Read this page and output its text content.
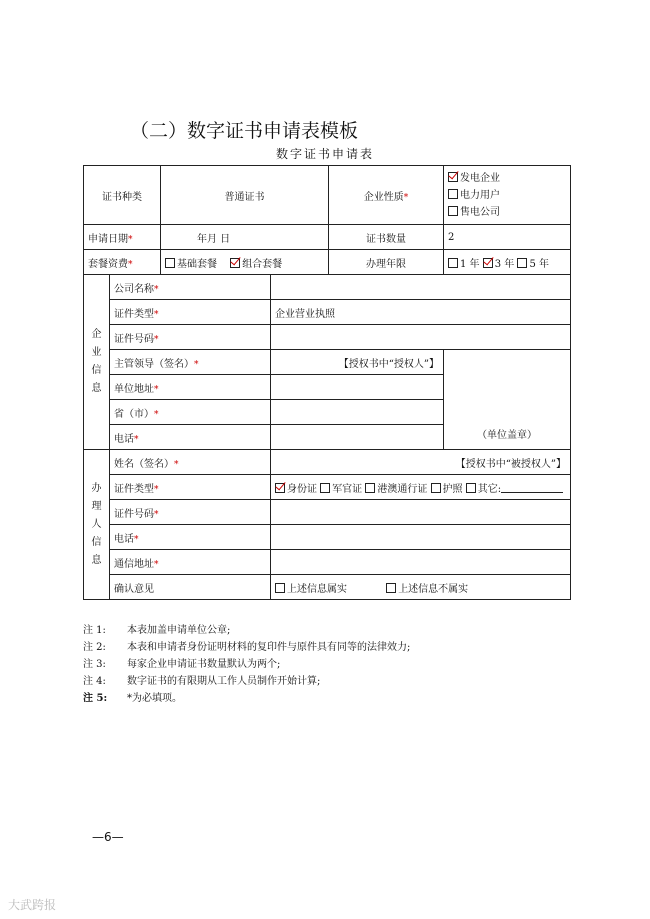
（二）数字证书申请表模板
数字证书申请表
证书种类		普通证书		企业性质*	发电企业
电力用户
售电公司

申请日期*		年月 日		证书数量	2
套餐资费*		基础套餐 组合套餐		办理年限	1 年 3 年 5 年

企
业
信
息	公司名称*				
	证件类型*		企业营业执照		
	证件号码*				
	主管领导（签名）*		【授权书中“授权人”】		（单位盖章）
	单位地址*				
	省（市）*				
	电话*				

办
理
人
信
息	姓名（签名）*		【授权书中“被授权人”】		
	证件类型*		身份证 军官证 港澳通行证 护照 其它:		
	证件号码*				
	电话*				
	通信地址*				
	确认意见		上述信息属实 上述信息不属实		
注 1: 本表加盖申请单位公章;
注 2: 本表和申请者身份证明材料的复印件与原件具有同等的法律效力;
注 3: 每家企业申请证书数量默认为两个;
注 4: 数字证书的有限期从工作人员制作开始计算;
注 5: *为必填项。
—6—
大武跨报
